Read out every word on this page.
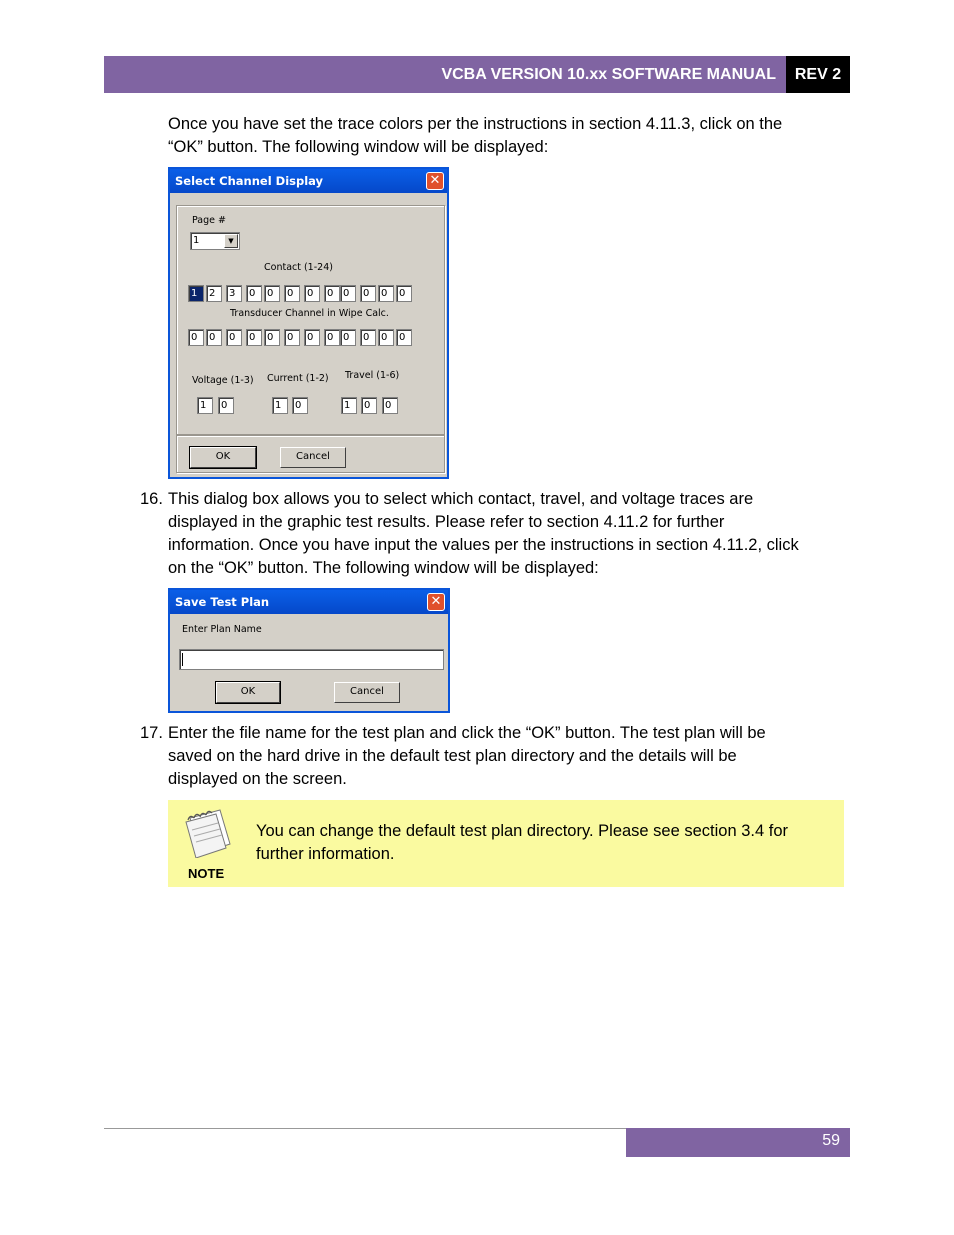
VCBA VERSION 10.xx SOFTWARE MANUAL	REV 2
Once you have set the trace colors per the instructions in section 4.11.3, click on the
“OK” button. The following window will be displayed:
Select Channel Display	✕
Page #
1	▼
Contact (1-24)
1	2	3	0	0	0	0	0 0	0	0	0
Transducer Channel in Wipe Calc.
0	0	0	0	0	0	0	0 0	0	0	0
Voltage (1-3) Current (1-2) Travel (1-6)
1	0	1	0	1	0	0
OK	Cancel
16. This dialog box allows you to select which contact, travel, and voltage traces are
displayed in the graphic test results. Please refer to section 4.11.2 for further
information. Once you have input the values per the instructions in section 4.11.2, click
on the “OK” button. The following window will be displayed:
Save Test Plan	✕
Enter Plan Name
OK	Cancel
17. Enter the file name for the test plan and click the “OK” button. The test plan will be
saved on the hard drive in the default test plan directory and the details will be
displayed on the screen.
NOTE
You can change the default test plan directory. Please see section 3.4 for
further information.
59
